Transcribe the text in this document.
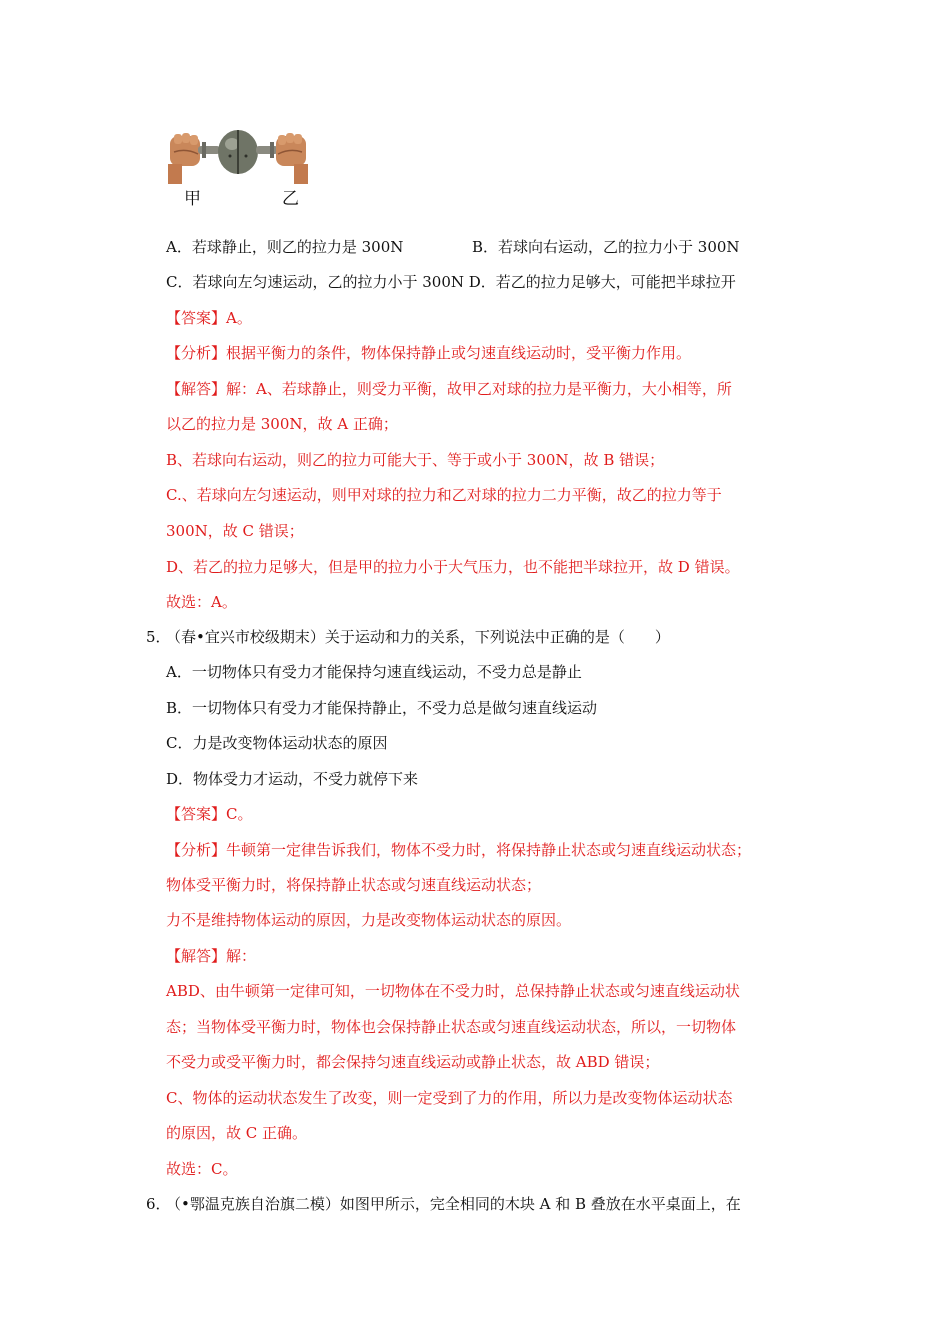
甲	乙
A．若球静止，则乙的拉力是 300N	B．若球向右运动，乙的拉力小于 300N
C．若球向左匀速运动，乙的拉力小于 300N D．若乙的拉力足够大，可能把半球拉开
【答案】A。
【分析】根据平衡力的条件，物体保持静止或匀速直线运动时，受平衡力作用。
【解答】解：A、若球静止，则受力平衡，故甲乙对球的拉力是平衡力，大小相等，所
以乙的拉力是 300N，故 A 正确；
B、若球向右运动，则乙的拉力可能大于、等于或小于 300N，故 B 错误；
C.、若球向左匀速运动，则甲对球的拉力和乙对球的拉力二力平衡，故乙的拉力等于
300N，故 C 错误；
D、若乙的拉力足够大，但是甲的拉力小于大气压力，也不能把半球拉开，故 D 错误。
故选：A。
5．
（春•宜兴市校级期末）关于运动和力的关系，下列说法中正确的是（　　）
A．一切物体只有受力才能保持匀速直线运动，不受力总是静止
B．一切物体只有受力才能保持静止，不受力总是做匀速直线运动
C．力是改变物体运动状态的原因
D．物体受力才运动，不受力就停下来
【答案】C。
【分析】牛顿第一定律告诉我们，物体不受力时，将保持静止状态或匀速直线运动状态；
物体受平衡力时，将保持静止状态或匀速直线运动状态；
力不是维持物体运动的原因，力是改变物体运动状态的原因。
【解答】解：
ABD、由牛顿第一定律可知，一切物体在不受力时，总保持静止状态或匀速直线运动状
态；当物体受平衡力时，物体也会保持静止状态或匀速直线运动状态，所以，一切物体
不受力或受平衡力时，都会保持匀速直线运动或静止状态，故 ABD 错误；
C、物体的运动状态发生了改变，则一定受到了力的作用，所以力是改变物体运动状态
的原因，故 C 正确。
故选：C。
6．
（•鄂温克族自治旗二模）如图甲所示，完全相同的木块 A 和 B 叠放在水平桌面上，在
